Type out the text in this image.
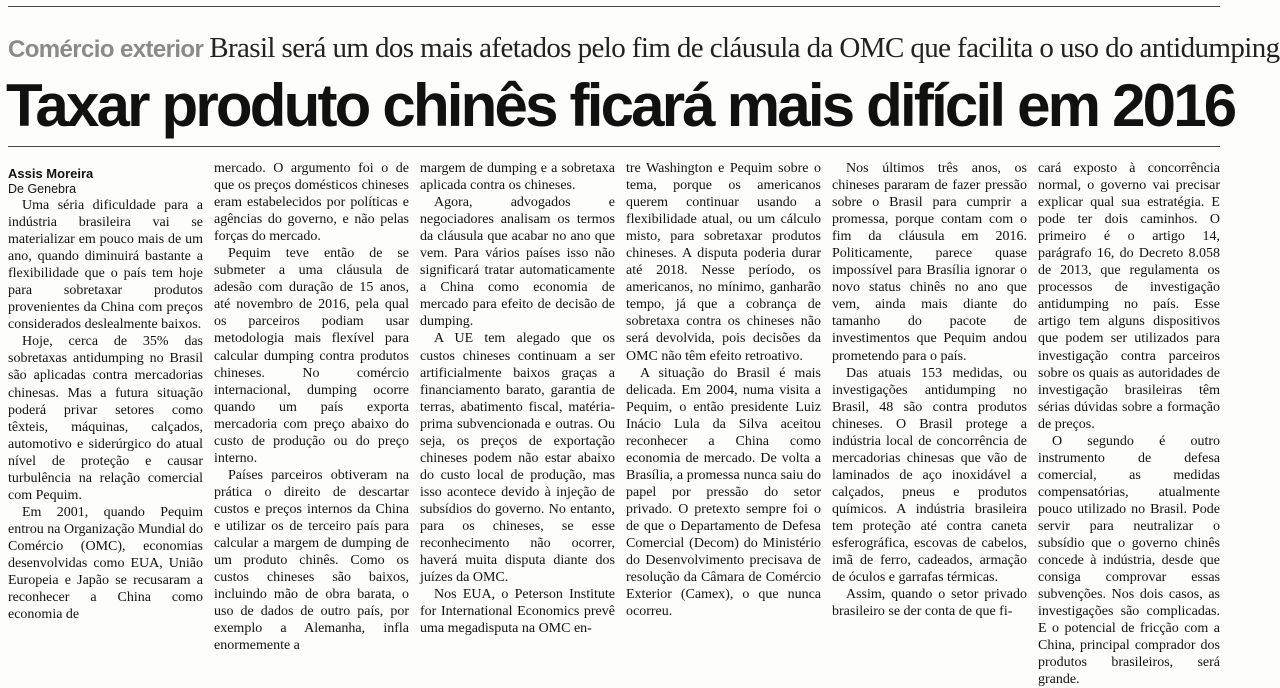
Comércio exterior Brasil será um dos mais afetados pelo fim de cláusula da OMC que facilita o uso do antidumping
Taxar produto chinês ficará mais difícil em 2016

Assis Moreira

De Genebra

Uma séria dificuldade para a indústria brasileira vai se materializar em pouco mais de um ano, quando diminuirá bastante a flexibilidade que o país tem hoje para sobretaxar produtos provenientes da China com preços considerados deslealmente baixos.

Hoje, cerca de 35% das sobretaxas antidumping no Brasil são aplicadas contra mercadorias chinesas. Mas a futura situação poderá privar setores como têxteis, máquinas, calçados, automotivo e siderúrgico do atual nível de proteção e causar turbulência na relação comercial com Pequim.

Em 2001, quando Pequim entrou na Organização Mundial do Comércio (OMC), economias desenvolvidas como EUA, União Europeia e Japão se recusaram a reconhecer a China como economia de

mercado. O argumento foi o de que os preços domésticos chineses eram estabelecidos por políticas e agências do governo, e não pelas forças do mercado.

Pequim teve então de se submeter a uma cláusula de adesão com duração de 15 anos, até novembro de 2016, pela qual os parceiros podiam usar metodologia mais flexível para calcular dumping contra produtos chineses. No comércio internacional, dumping ocorre quando um país exporta mercadoria com preço abaixo do custo de produção ou do preço interno.

Países parceiros obtiveram na prática o direito de descartar custos e preços internos da China e utilizar os de terceiro país para calcular a margem de dumping de um produto chinês. Como os custos chineses são baixos, incluindo mão de obra barata, o uso de dados de outro país, por exemplo a Alemanha, infla enormemente a

margem de dumping e a sobretaxa aplicada contra os chineses.

Agora, advogados e negociadores analisam os termos da cláusula que acabar no ano que vem. Para vários países isso não significará tratar automaticamente a China como economia de mercado para efeito de decisão de dumping.

A UE tem alegado que os custos chineses continuam a ser artificialmente baixos graças a financiamento barato, garantia de terras, abatimento fiscal, matéria-prima subvencionada e outras. Ou seja, os preços de exportação chineses podem não estar abaixo do custo local de produção, mas isso acontece devido à injeção de subsídios do governo. No entanto, para os chineses, se esse reconhecimento não ocorrer, haverá muita disputa diante dos juízes da OMC.

Nos EUA, o Peterson Institute for International Economics prevê uma megadisputa na OMC en-

tre Washington e Pequim sobre o tema, porque os americanos querem continuar usando a flexibilidade atual, ou um cálculo misto, para sobretaxar produtos chineses. A disputa poderia durar até 2018. Nesse período, os americanos, no mínimo, ganharão tempo, já que a cobrança de sobretaxa contra os chineses não será devolvida, pois decisões da OMC não têm efeito retroativo.

A situação do Brasil é mais delicada. Em 2004, numa visita a Pequim, o então presidente Luiz Inácio Lula da Silva aceitou reconhecer a China como economia de mercado. De volta a Brasília, a promessa nunca saiu do papel por pressão do setor privado. O pretexto sempre foi o de que o Departamento de Defesa Comercial (Decom) do Ministério do Desenvolvimento precisava de resolução da Câmara de Comércio Exterior (Camex), o que nunca ocorreu.

Nos últimos três anos, os chineses pararam de fazer pressão sobre o Brasil para cumprir a promessa, porque contam com o fim da cláusula em 2016. Politicamente, parece quase impossível para Brasília ignorar o novo status chinês no ano que vem, ainda mais diante do tamanho do pacote de investimentos que Pequim andou prometendo para o país.

Das atuais 153 medidas, ou investigações antidumping no Brasil, 48 são contra produtos chineses. O Brasil protege a indústria local de concorrência de mercadorias chinesas que vão de laminados de aço inoxidável a calçados, pneus e produtos químicos. A indústria brasileira tem proteção até contra caneta esferográfica, escovas de cabelos, imã de ferro, cadeados, armação de óculos e garrafas térmicas.

Assim, quando o setor privado brasileiro se der conta de que fi-

cará exposto à concorrência normal, o governo vai precisar explicar qual sua estratégia. E pode ter dois caminhos. O primeiro é o artigo 14, parágrafo 16, do Decreto 8.058 de 2013, que regulamenta os processos de investigação antidumping no país. Esse artigo tem alguns dispositivos que podem ser utilizados para investigação contra parceiros sobre os quais as autoridades de investigação brasileiras têm sérias dúvidas sobre a formação de preços.

O segundo é outro instrumento de defesa comercial, as medidas compensatórias, atualmente pouco utilizado no Brasil. Pode servir para neutralizar o subsídio que o governo chinês concede à indústria, desde que consiga comprovar essas subvenções. Nos dois casos, as investigações são complicadas. E o potencial de fricção com a China, principal comprador dos produtos brasileiros, será grande.
